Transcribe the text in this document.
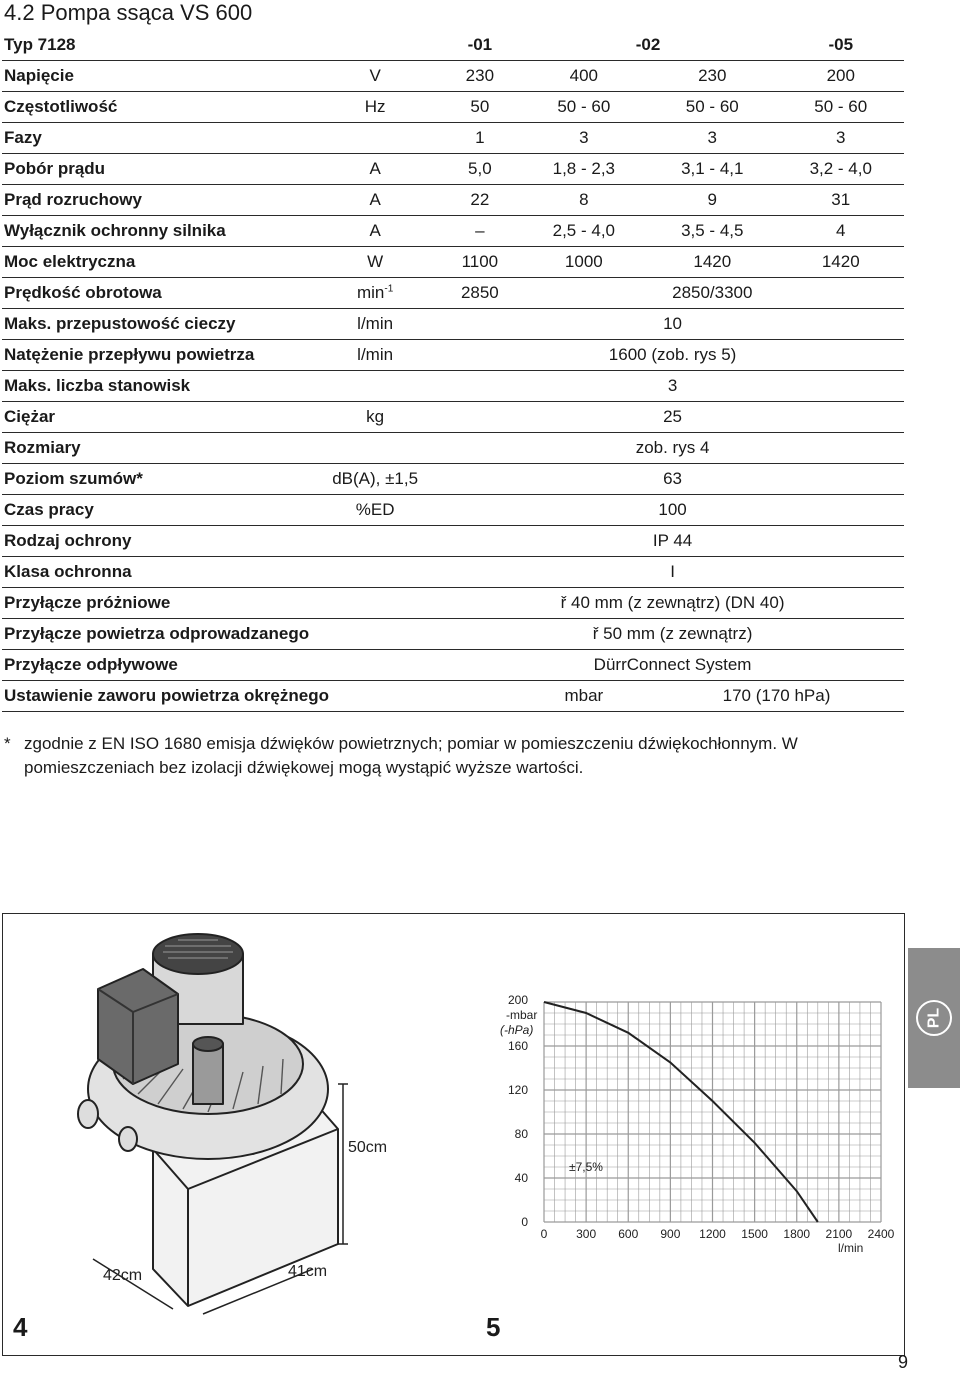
4.2 Pompa ssąca VS 600
Typ 7128		-01	-02		-05
Napięcie	V	230	400	230	200
Częstotliwość	Hz	50	50 - 60	50 - 60	50 - 60
Fazy		1	3	3	3
Pobór prądu	A	5,0	1,8 - 2,3	3,1 - 4,1	3,2 - 4,0
Prąd rozruchowy	A	22	8	9	31
Wyłącznik ochronny silnika	A	–	2,5 - 4,0	3,5 - 4,5	4
Moc elektryczna	W	1100	1000	1420	1420
Prędkość obrotowa	$\min^{-1}$	2850	2850/3300		
Maks. przepustowość cieczy	l/min	10			
Natężenie przepływu powietrza	l/min	1600 (zob. rys 5)			
Maks. liczba stanowisk		3			
Ciężar	kg	25			
Rozmiary		zob. rys 4			
Poziom szumów*	dB(A), ±1,5	63			
Czas pracy	%ED	100			
Rodzaj ochrony		IP 44			
Klasa ochronna		I			
Przyłącze próżniowe		ř 40 mm (z zewnątrz) (DN 40)			
Przyłącze powietrza odprowadzanego		ř 50 mm (z zewnątrz)			
Przyłącze odpływowe		DürrConnect System			
Ustawienie zaworu powietrza okrężnego			mbar	170 (170 hPa)	
* zgodnie z EN ISO 1680 emisja dźwięków powietrznych; pomiar w pomieszczeniu dźwiękochłonnym. W pomieszczeniach bez izolacji dźwiękowej mogą wystąpić wyższe wartości.
50cm
42cm	41cm
4
120
80
40
0
200
160
300 600 900 1200 1500 1800 2100 2400
0
-mbar
(-hPa)
l/min
±7,5%
5
PL
9
